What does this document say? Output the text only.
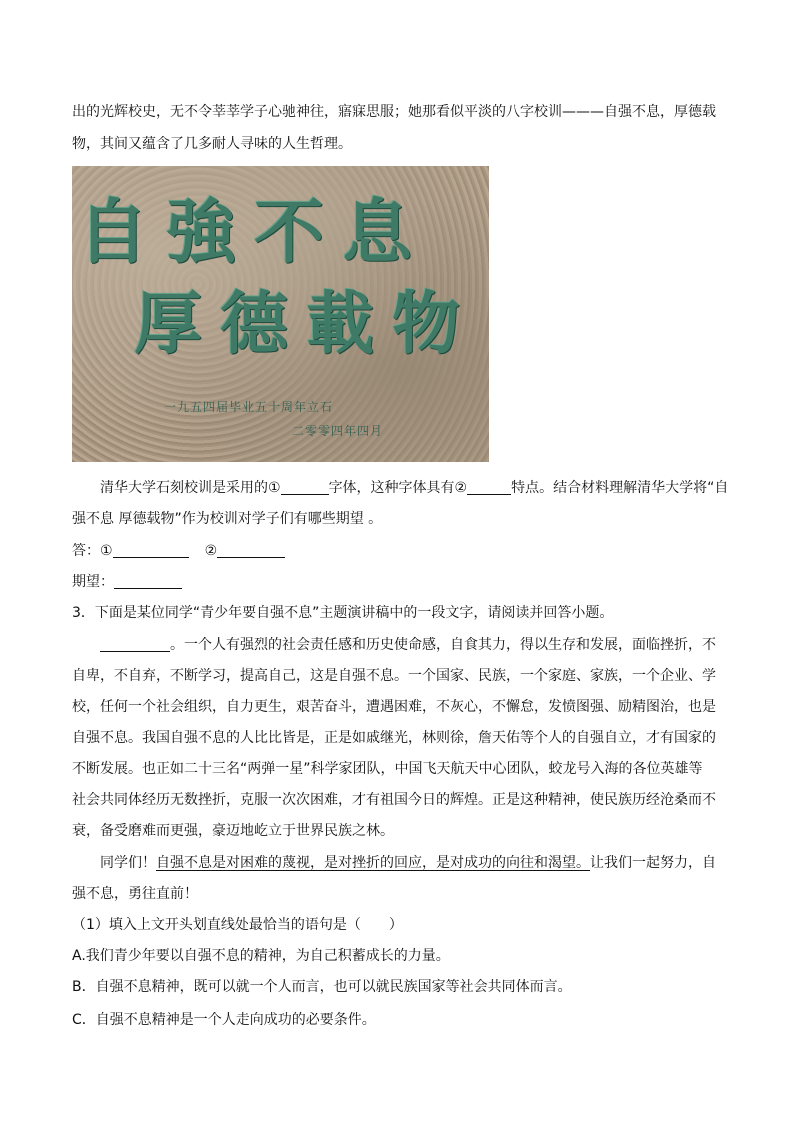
出的光辉校史，无不令莘莘学子心驰神往，寤寐思服；她那看似平淡的八字校训———自强不息，厚德载
物，其间又蕴含了几多耐人寻味的人生哲理。
自強不息
厚德載物
一九五四届毕业五十周年立石
二零零四年四月
清华大学石刻校训是采用的①	字体，这种字体具有②	特点。结合材料理解清华大学将“自
强不息 厚德载物”作为校训对学子们有哪些期望 。
答：①	②
期望：
3．下面是某位同学“青少年要自强不息”主题演讲稿中的一段文字，请阅读并回答小题。
。一个人有强烈的社会责任感和历史使命感，自食其力，得以生存和发展，面临挫折，不
自卑，不自弃，不断学习，提高自己，这是自强不息。一个国家、民族，一个家庭、家族，一个企业、学
校，任何一个社会组织，自力更生，艰苦奋斗，遭遇困难，不灰心，不懈怠，发愤图强、励精图治，也是
自强不息。我国自强不息的人比比皆是，正是如戚继光，林则徐，詹天佑等个人的自强自立，才有国家的
不断发展。也正如二十三名“两弹一星”科学家团队，中国飞天航天中心团队，蛟龙号入海的各位英雄等
社会共同体经历无数挫折，克服一次次困难，才有祖国今日的辉煌。正是这种精神，使民族历经沧桑而不
衰，备受磨难而更强，豪迈地屹立于世界民族之林。
同学们！自强不息是对困难的蔑视，是对挫折的回应，是对成功的向往和渴望。让我们一起努力，自
强不息，勇往直前！
（1）填入上文开头划直线处最恰当的语句是（　　）
A.我们青少年要以自强不息的精神，为自己积蓄成长的力量。
B．自强不息精神，既可以就一个人而言，也可以就民族国家等社会共同体而言。
C．自强不息精神是一个人走向成功的必要条件。
